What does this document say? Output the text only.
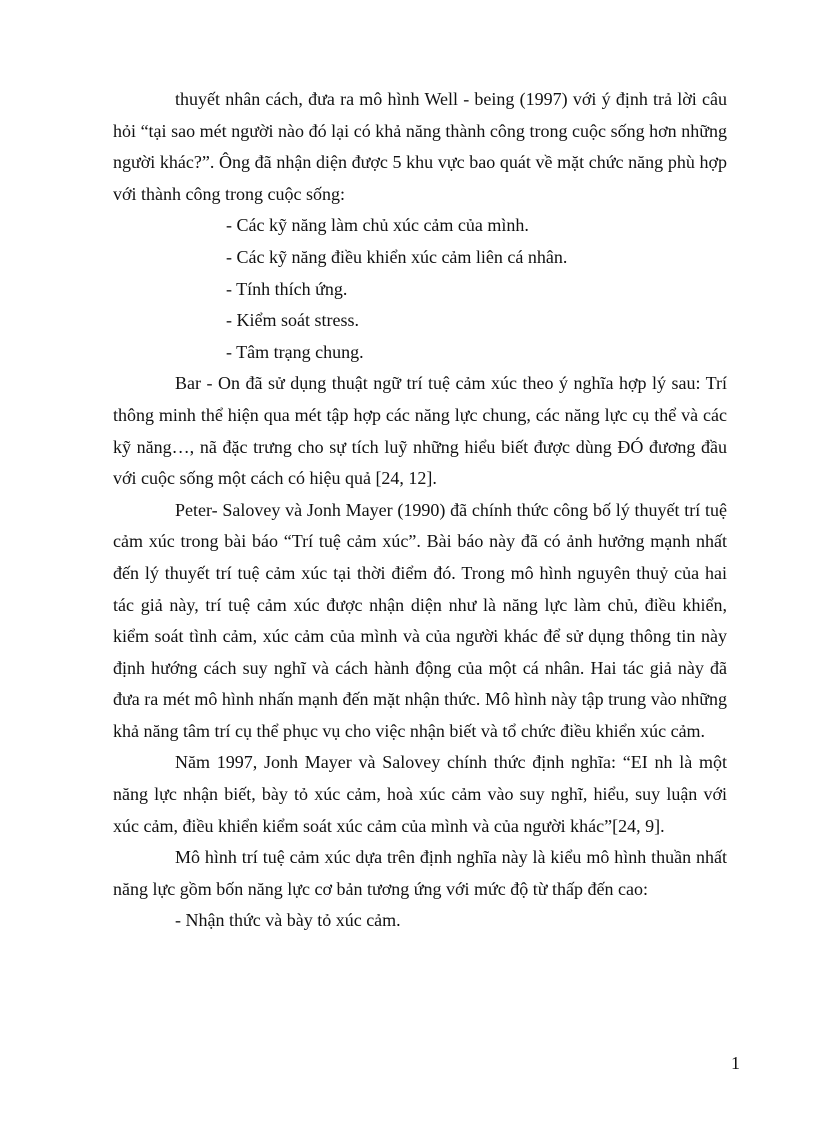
thuyết nhân cách, đưa ra mô hình Well - being (1997) với ý định trả lời câu hỏi “tại sao mét người nào đó lại có khả năng thành công trong cuộc sống hơn những người khác?”. Ông đã nhận diện được 5 khu vực bao quát về mặt chức năng phù hợp với thành công trong cuộc sống:

- Các kỹ năng làm chủ xúc cảm của mình.

- Các kỹ năng điều khiển xúc cảm liên cá nhân.

- Tính thích ứng.

- Kiểm soát stress.

- Tâm trạng chung.

Bar - On đã sử dụng thuật ngữ trí tuệ cảm xúc theo ý nghĩa hợp lý sau: Trí thông minh thể hiện qua mét tập hợp các năng lực chung, các năng lực cụ thể và các kỹ năng…, nã đặc trưng cho sự tích luỹ những hiểu biết được dùng ĐÓ đương đầu với cuộc sống một cách có hiệu quả [24, 12].

Peter- Salovey và Jonh Mayer (1990) đã chính thức công bố lý thuyết trí tuệ cảm xúc trong bài báo “Trí tuệ cảm xúc”. Bài báo này đã có ảnh hưởng mạnh nhất đến lý thuyết trí tuệ cảm xúc tại thời điểm đó. Trong mô hình nguyên thuỷ của hai tác giả này, trí tuệ cảm xúc được nhận diện như là năng lực làm chủ, điều khiển, kiểm soát tình cảm, xúc cảm của mình và của người khác để sử dụng thông tin này định hướng cách suy nghĩ và cách hành động của một cá nhân. Hai tác giả này đã đưa ra mét mô hình nhấn mạnh đến mặt nhận thức. Mô hình này tập trung vào những khả năng tâm trí cụ thể phục vụ cho việc nhận biết và tổ chức điều khiển xúc cảm.

Năm 1997, Jonh Mayer và Salovey chính thức định nghĩa: “EI nh là một năng lực nhận biết, bày tỏ xúc cảm, hoà xúc cảm vào suy nghĩ, hiểu, suy luận với xúc cảm, điều khiển kiểm soát xúc cảm của mình và của người khác”[24, 9].

Mô hình trí tuệ cảm xúc dựa trên định nghĩa này là kiểu mô hình thuần nhất năng lực gồm bốn năng lực cơ bản tương ứng với mức độ từ thấp đến cao:

- Nhận thức và bày tỏ xúc cảm.

1
